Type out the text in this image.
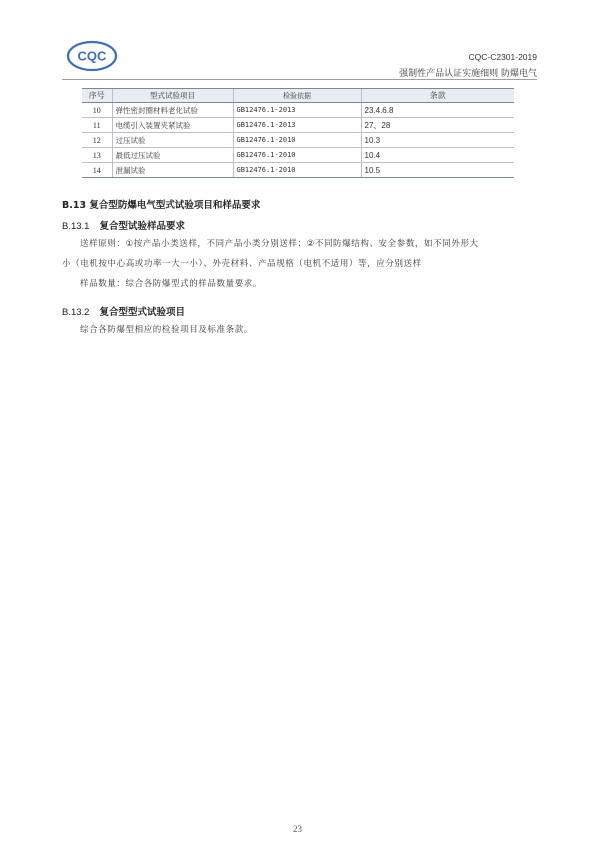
CQC	CQC-C2301-2019
强制性产品认证实施细则 防爆电气
序号	型式试验项目	检验依据	条款
10	弹性密封圈材料老化试验	GB12476.1-2013	23.4.6.8
11	电缆引入装置夹紧试验	GB12476.1-2013	27、28
12	过压试验	GB12476.1-2010	10.3
13	最低过压试验	GB12476.1-2010	10.4
14	泄漏试验	GB12476.1-2010	10.5
B.13 复合型防爆电气型式试验项目和样品要求
B.13.1 复合型试验样品要求
送样原则：①按产品小类送样，不同产品小类分别送样；②不同防爆结构、安全参数，如不同外形大
小（电机按中心高或功率一大一小）、外壳材料、产品规格（电机不适用）等，应分别送样
样品数量：综合各防爆型式的样品数量要求。
B.13.2 复合型型式试验项目
综合各防爆型相应的检验项目及标准条款。
23
